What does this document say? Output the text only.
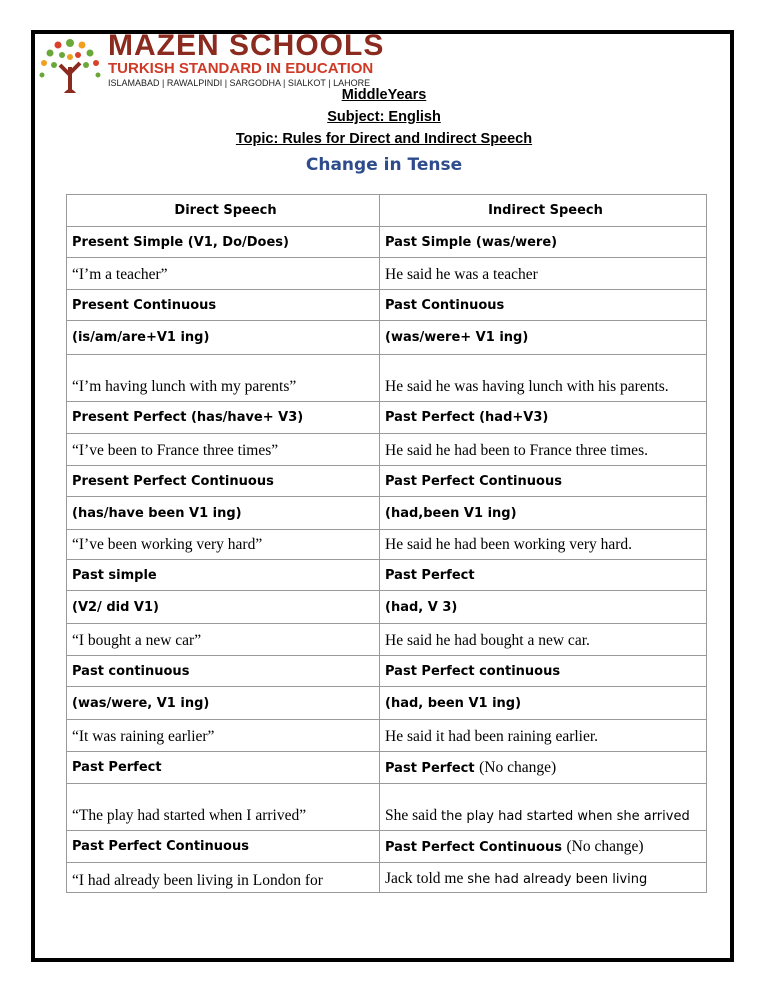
MAZEN SCHOOLS
TURKISH STANDARD IN EDUCATION
ISLAMABAD | RAWALPINDI | SARGODHA | SIALKOT | LAHORE
MiddleYears
Subject: English
Topic: Rules for Direct and Indirect Speech
Change in Tense
Direct Speech	Indirect Speech
Present Simple (V1, Do/Does)	Past Simple (was/were)
“I’m a teacher”	He said he was a teacher
Present Continuous	Past Continuous
(is/am/are+V1 ing)	(was/were+ V1 ing)
“I’m having lunch with my parents”	He said he was having lunch with his parents.
Present Perfect (has/have+ V3)	Past Perfect (had+V3)
“I’ve been to France three times”	He said he had been to France three times.
Present Perfect Continuous	Past Perfect Continuous
(has/have been V1 ing)	(had,been V1 ing)
“I’ve been working very hard”	He said he had been working very hard.
Past simple	Past Perfect
(V2/ did V1)	(had, V 3)
“I bought a new car”	He said he had bought a new car.
Past continuous	Past Perfect continuous
(was/were, V1 ing)	(had, been V1 ing)
“It was raining earlier”	He said it had been raining earlier.
Past Perfect	Past Perfect (No change)
“The play had started when I arrived”	She said the play had started when she arrived
Past Perfect Continuous	Past Perfect Continuous (No change)
“I had already been living in London for	Jack told me she had already been living
